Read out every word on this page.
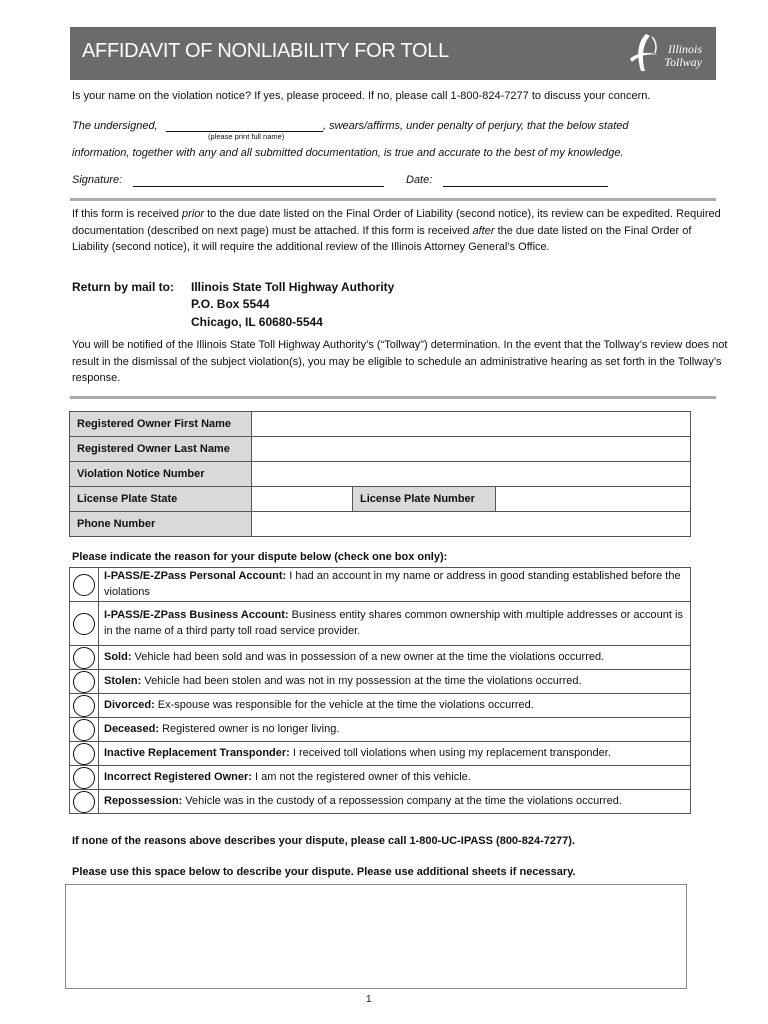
AFFIDAVIT OF NONLIABILITY FOR TOLL	Illinois
Tollway
Is your name on the violation notice? If yes, please proceed. If no, please call 1-800-824-7277 to discuss your concern.
The undersigned,
(please print full name)
, swears/affirms, under penalty of perjury, that the below stated
information, together with any and all submitted documentation, is true and accurate to the best of my knowledge.
Signature:	Date:
If this form is received prior to the due date listed on the Final Order of Liability (second notice), its review can be expedited. Required documentation (described on next page) must be attached. If this form is received after the due date listed on the Final Order of Liability (second notice), it will require the additional review of the Illinois Attorney General’s Office.
Return by mail to: Illinois State Toll Highway Authority
P.O. Box 5544
Chicago, IL 60680-5544
You will be notified of the Illinois State Toll Highway Authority’s (“Tollway”) determination. In the event that the Tollway’s review does not result in the dismissal of the subject violation(s), you may be eligible to schedule an administrative hearing as set forth in the Tollway’s response.
Registered Owner First Name			
Registered Owner Last Name			
Violation Notice Number			
License Plate State		License Plate Number	
Phone Number			
Please indicate the reason for your dispute below (check one box only):
	I-PASS/E-ZPass Personal Account: I had an account in my name or address in good standing established before the violations
	I-PASS/E-ZPass Business Account: Business entity shares common ownership with multiple addresses or account is in the name of a third party toll road service provider.
	Sold: Vehicle had been sold and was in possession of a new owner at the time the violations occurred.
	Stolen: Vehicle had been stolen and was not in my possession at the time the violations occurred.
	Divorced: Ex-spouse was responsible for the vehicle at the time the violations occurred.
	Deceased: Registered owner is no longer living.
	Inactive Replacement Transponder: I received toll violations when using my replacement transponder.
	Incorrect Registered Owner: I am not the registered owner of this vehicle.
	Repossession: Vehicle was in the custody of a repossession company at the time the violations occurred.
If none of the reasons above describes your dispute, please call 1-800-UC-IPASS (800-824-7277).
Please use this space below to describe your dispute. Please use additional sheets if necessary.
1
